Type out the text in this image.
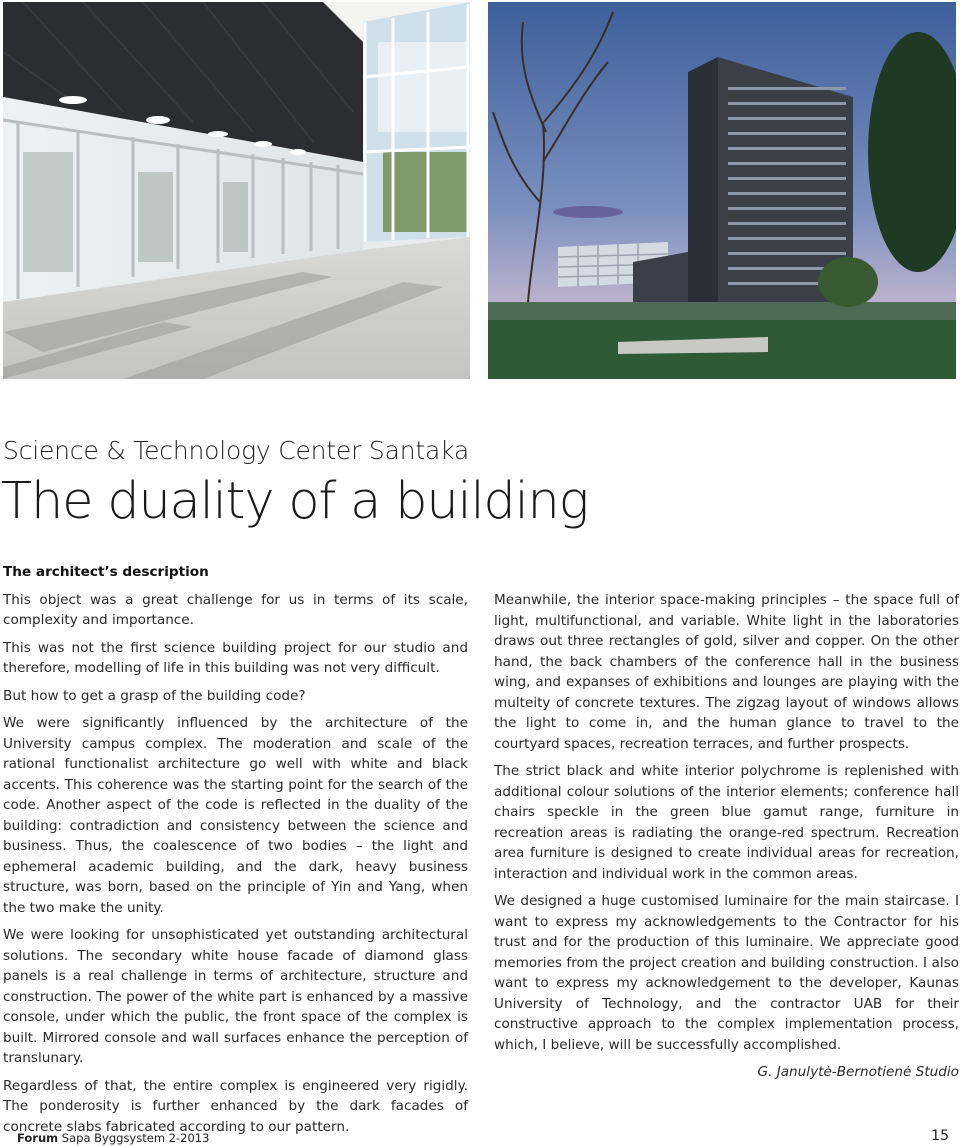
Science & Technology Center Santaka
The duality of a building

The architect’s description

This object was a great challenge for us in terms of its scale, complexity and importance.

This was not the first science building project for our studio and therefore, modelling of life in this building was not very difficult.

But how to get a grasp of the building code?

We were significantly influenced by the architecture of the University campus complex. The moderation and scale of the rational functionalist architecture go well with white and black accents. This coherence was the starting point for the search of the code. Another aspect of the code is reflected in the duality of the building: contradiction and consistency between the science and business. Thus, the coalescence of two bodies – the light and ephemeral academic building, and the dark, heavy business structure, was born, based on the principle of Yin and Yang, when the two make the unity.

We were looking for unsophisticated yet outstanding architectural solutions. The secondary white house facade of diamond glass panels is a real challenge in terms of architecture, structure and construction. The power of the white part is enhanced by a massive console, under which the public, the front space of the complex is built. Mirrored console and wall surfaces enhance the perception of translunary.

Regardless of that, the entire complex is engineered very rigidly. The ponderosity is further enhanced by the dark facades of concrete slabs fabricated according to our pattern.

Meanwhile, the interior space-making principles – the space full of light, multifunctional, and variable. White light in the laboratories draws out three rectangles of gold, silver and copper. On the other hand, the back chambers of the conference hall in the business wing, and expanses of exhibitions and lounges are playing with the multeity of concrete textures. The zigzag layout of windows allows the light to come in, and the human glance to travel to the courtyard spaces, recreation terraces, and further prospects.

The strict black and white interior polychrome is replenished with additional colour solutions of the interior elements; conference hall chairs speckle in the green blue gamut range, furniture in recreation areas is radiating the orange-red spectrum. Recreation area furniture is designed to create individual areas for recreation, interaction and individual work in the common areas.

We designed a huge customised luminaire for the main staircase. I want to express my acknowledgements to the Contractor for his trust and for the production of this luminaire. We appreciate good memories from the project creation and building construction. I also want to express my acknowledgement to the developer, Kaunas University of Technology, and the contractor UAB for their constructive approach to the complex implementation process, which, I believe, will be successfully accomplished.

G. Janulytė-Bernotienė Studio

Forum Sapa Byggsystem 2-2013	15
